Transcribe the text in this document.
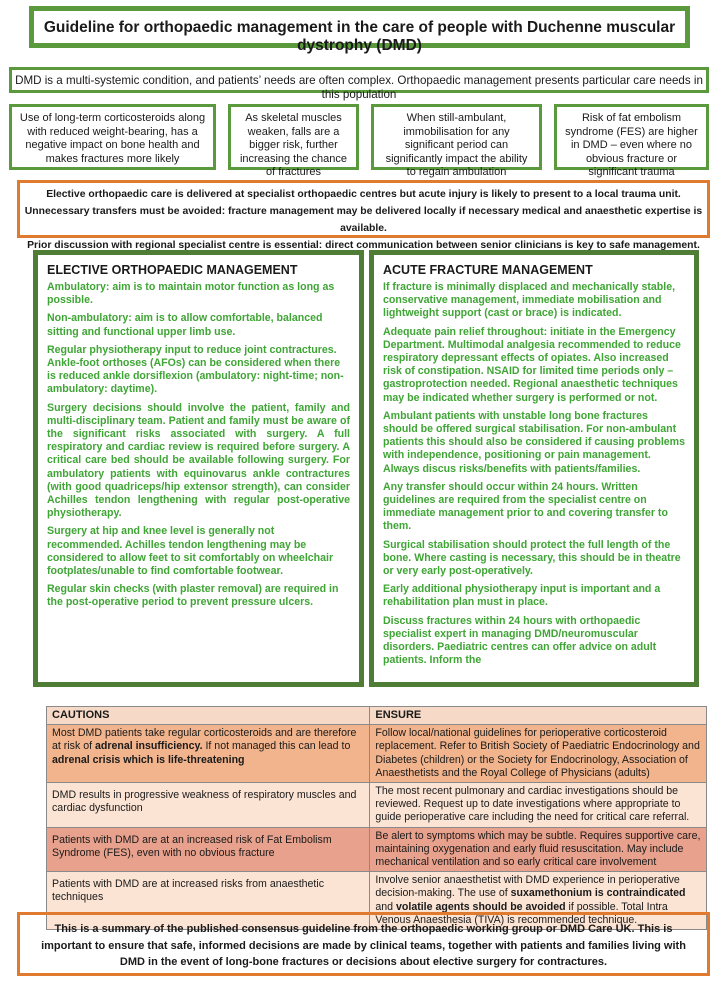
Guideline for orthopaedic management in the care of people with Duchenne muscular dystrophy (DMD)
DMD is a multi-systemic condition, and patients’ needs are often complex. Orthopaedic management presents particular care needs in this population
Use of long-term corticosteroids along with reduced weight-bearing, has a negative impact on bone health and makes fractures more likely
As skeletal muscles weaken, falls are a bigger risk, further increasing the chance of fractures
When still-ambulant, immobilisation for any significant period can significantly impact the ability to regain ambulation
Risk of fat embolism syndrome (FES) are higher in DMD – even where no obvious fracture or significant trauma
Elective orthopaedic care is delivered at specialist orthopaedic centres but acute injury is likely to present to a local trauma unit.
Unnecessary transfers must be avoided: fracture management may be delivered locally if necessary medical and anaesthetic expertise is available.
Prior discussion with regional specialist centre is essential: direct communication between senior clinicians is key to safe management.
ELECTIVE ORTHOPAEDIC MANAGEMENT

Ambulatory: aim is to maintain motor function as long as possible.

Non-ambulatory: aim is to allow comfortable, balanced sitting and functional upper limb use.

Regular physiotherapy input to reduce joint contractures. Ankle-foot orthoses (AFOs) can be considered when there is reduced ankle dorsiflexion (ambulatory: night-time; non-ambulatory: daytime).

Surgery decisions should involve the patient, family and multi-disciplinary team. Patient and family must be aware of the significant risks associated with surgery. A full respiratory and cardiac review is required before surgery. A critical care bed should be available following surgery. For ambulatory patients with equinovarus ankle contractures (with good quadriceps/hip extensor strength), can consider Achilles tendon lengthening with regular post-operative physiotherapy.

Surgery at hip and knee level is generally not recommended. Achilles tendon lengthening may be considered to allow feet to sit comfortably on wheelchair footplates/unable to find comfortable footwear.

Regular skin checks (with plaster removal) are required in the post-operative period to prevent pressure ulcers.

ACUTE FRACTURE MANAGEMENT

If fracture is minimally displaced and mechanically stable, conservative management, immediate mobilisation and lightweight support (cast or brace) is indicated.

Adequate pain relief throughout: initiate in the Emergency Department. Multimodal analgesia recommended to reduce respiratory depressant effects of opiates. Also increased risk of constipation. NSAID for limited time periods only – gastroprotection needed. Regional anaesthetic techniques may be indicated whether surgery is performed or not.

Ambulant patients with unstable long bone fractures should be offered surgical stabilisation. For non-ambulant patients this should also be considered if causing problems with independence, positioning or pain management. Always discus risks/benefits with patients/families.

Any transfer should occur within 24 hours. Written guidelines are required from the specialist centre on immediate management prior to and covering transfer to them.

Surgical stabilisation should protect the full length of the bone. Where casting is necessary, this should be in theatre or very early post-operatively.

Early additional physiotherapy input is important and a rehabilitation plan must in place.

Discuss fractures within 24 hours with orthopaedic specialist expert in managing DMD/neuromuscular disorders. Paediatric centres can offer advice on adult patients. Inform the

CAUTIONS	ENSURE
Most DMD patients take regular corticosteroids and are therefore at risk of adrenal insufficiency. If not managed this can lead to adrenal crisis which is life-threatening	Follow local/national guidelines for perioperative corticosteroid replacement. Refer to British Society of Paediatric Endocrinology and Diabetes (children) or the Society for Endocrinology, Association of Anaesthetists and the Royal College of Physicians (adults)
DMD results in progressive weakness of respiratory muscles and cardiac dysfunction	The most recent pulmonary and cardiac investigations should be reviewed. Request up to date investigations where appropriate to guide perioperative care including the need for critical care referral.
Patients with DMD are at an increased risk of Fat Embolism Syndrome (FES), even with no obvious fracture	Be alert to symptoms which may be subtle. Requires supportive care, maintaining oxygenation and early fluid resuscitation. May include mechanical ventilation and so early critical care involvement
Patients with DMD are at increased risks from anaesthetic techniques	Involve senior anaesthetist with DMD experience in perioperative decision-making. The use of suxamethonium is contraindicated and volatile agents should be avoided if possible. Total Intra Venous Anaesthesia (TIVA) is recommended technique.
This is a summary of the published consensus guideline from the orthopaedic working group or DMD Care UK. This is important to ensure that safe, informed decisions are made by clinical teams, together with patients and families living with DMD in the event of long-bone fractures or decisions about elective surgery for contractures.
